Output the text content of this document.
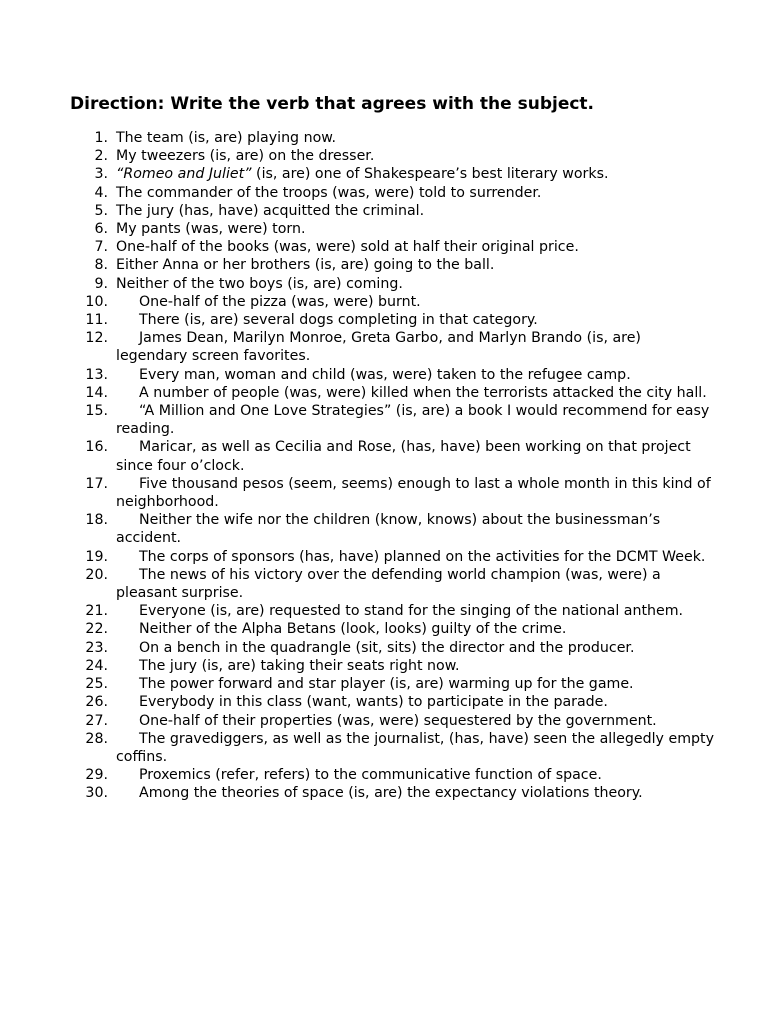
Direction: Write the verb that agrees with the subject.
1. The team (is, are) playing now.
2. My tweezers (is, are) on the dresser.
3. “Romeo and Juliet” (is, are) one of Shakespeare’s best literary works.
4. The commander of the troops (was, were) told to surrender.
5. The jury (has, have) acquitted the criminal.
6. My pants (was, were) torn.
7. One-half of the books (was, were) sold at half their original price.
8. Either Anna or her brothers (is, are) going to the ball.
9. Neither of the two boys (is, are) coming.
10.	One-half of the pizza (was, were) burnt.
11.	There (is, are) several dogs completing in that category.
12.	James Dean, Marilyn Monroe, Greta Garbo, and Marlyn Brando (is, are) legendary screen favorites.
13.	Every man, woman and child (was, were) taken to the refugee camp.
14.	A number of people (was, were) killed when the terrorists attacked the city hall.
15.	“A Million and One Love Strategies” (is, are) a book I would recommend for easy reading.
16.	Maricar, as well as Cecilia and Rose, (has, have) been working on that project since four o’clock.
17.	Five thousand pesos (seem, seems) enough to last a whole month in this kind of neighborhood.
18.	Neither the wife nor the children (know, knows) about the businessman’s accident.
19.	The corps of sponsors (has, have) planned on the activities for the DCMT Week.
20.	The news of his victory over the defending world champion (was, were) a pleasant surprise.
21.	Everyone (is, are) requested to stand for the singing of the national anthem.
22.	Neither of the Alpha Betans (look, looks) guilty of the crime.
23.	On a bench in the quadrangle (sit, sits) the director and the producer.
24.	The jury (is, are) taking their seats right now.
25.	The power forward and star player (is, are) warming up for the game.
26.	Everybody in this class (want, wants) to participate in the parade.
27.	One-half of their properties (was, were) sequestered by the government.
28.	The gravediggers, as well as the journalist, (has, have) seen the allegedly empty coffins.
29.	Proxemics (refer, refers) to the communicative function of space.
30.	Among the theories of space (is, are) the expectancy violations theory.
